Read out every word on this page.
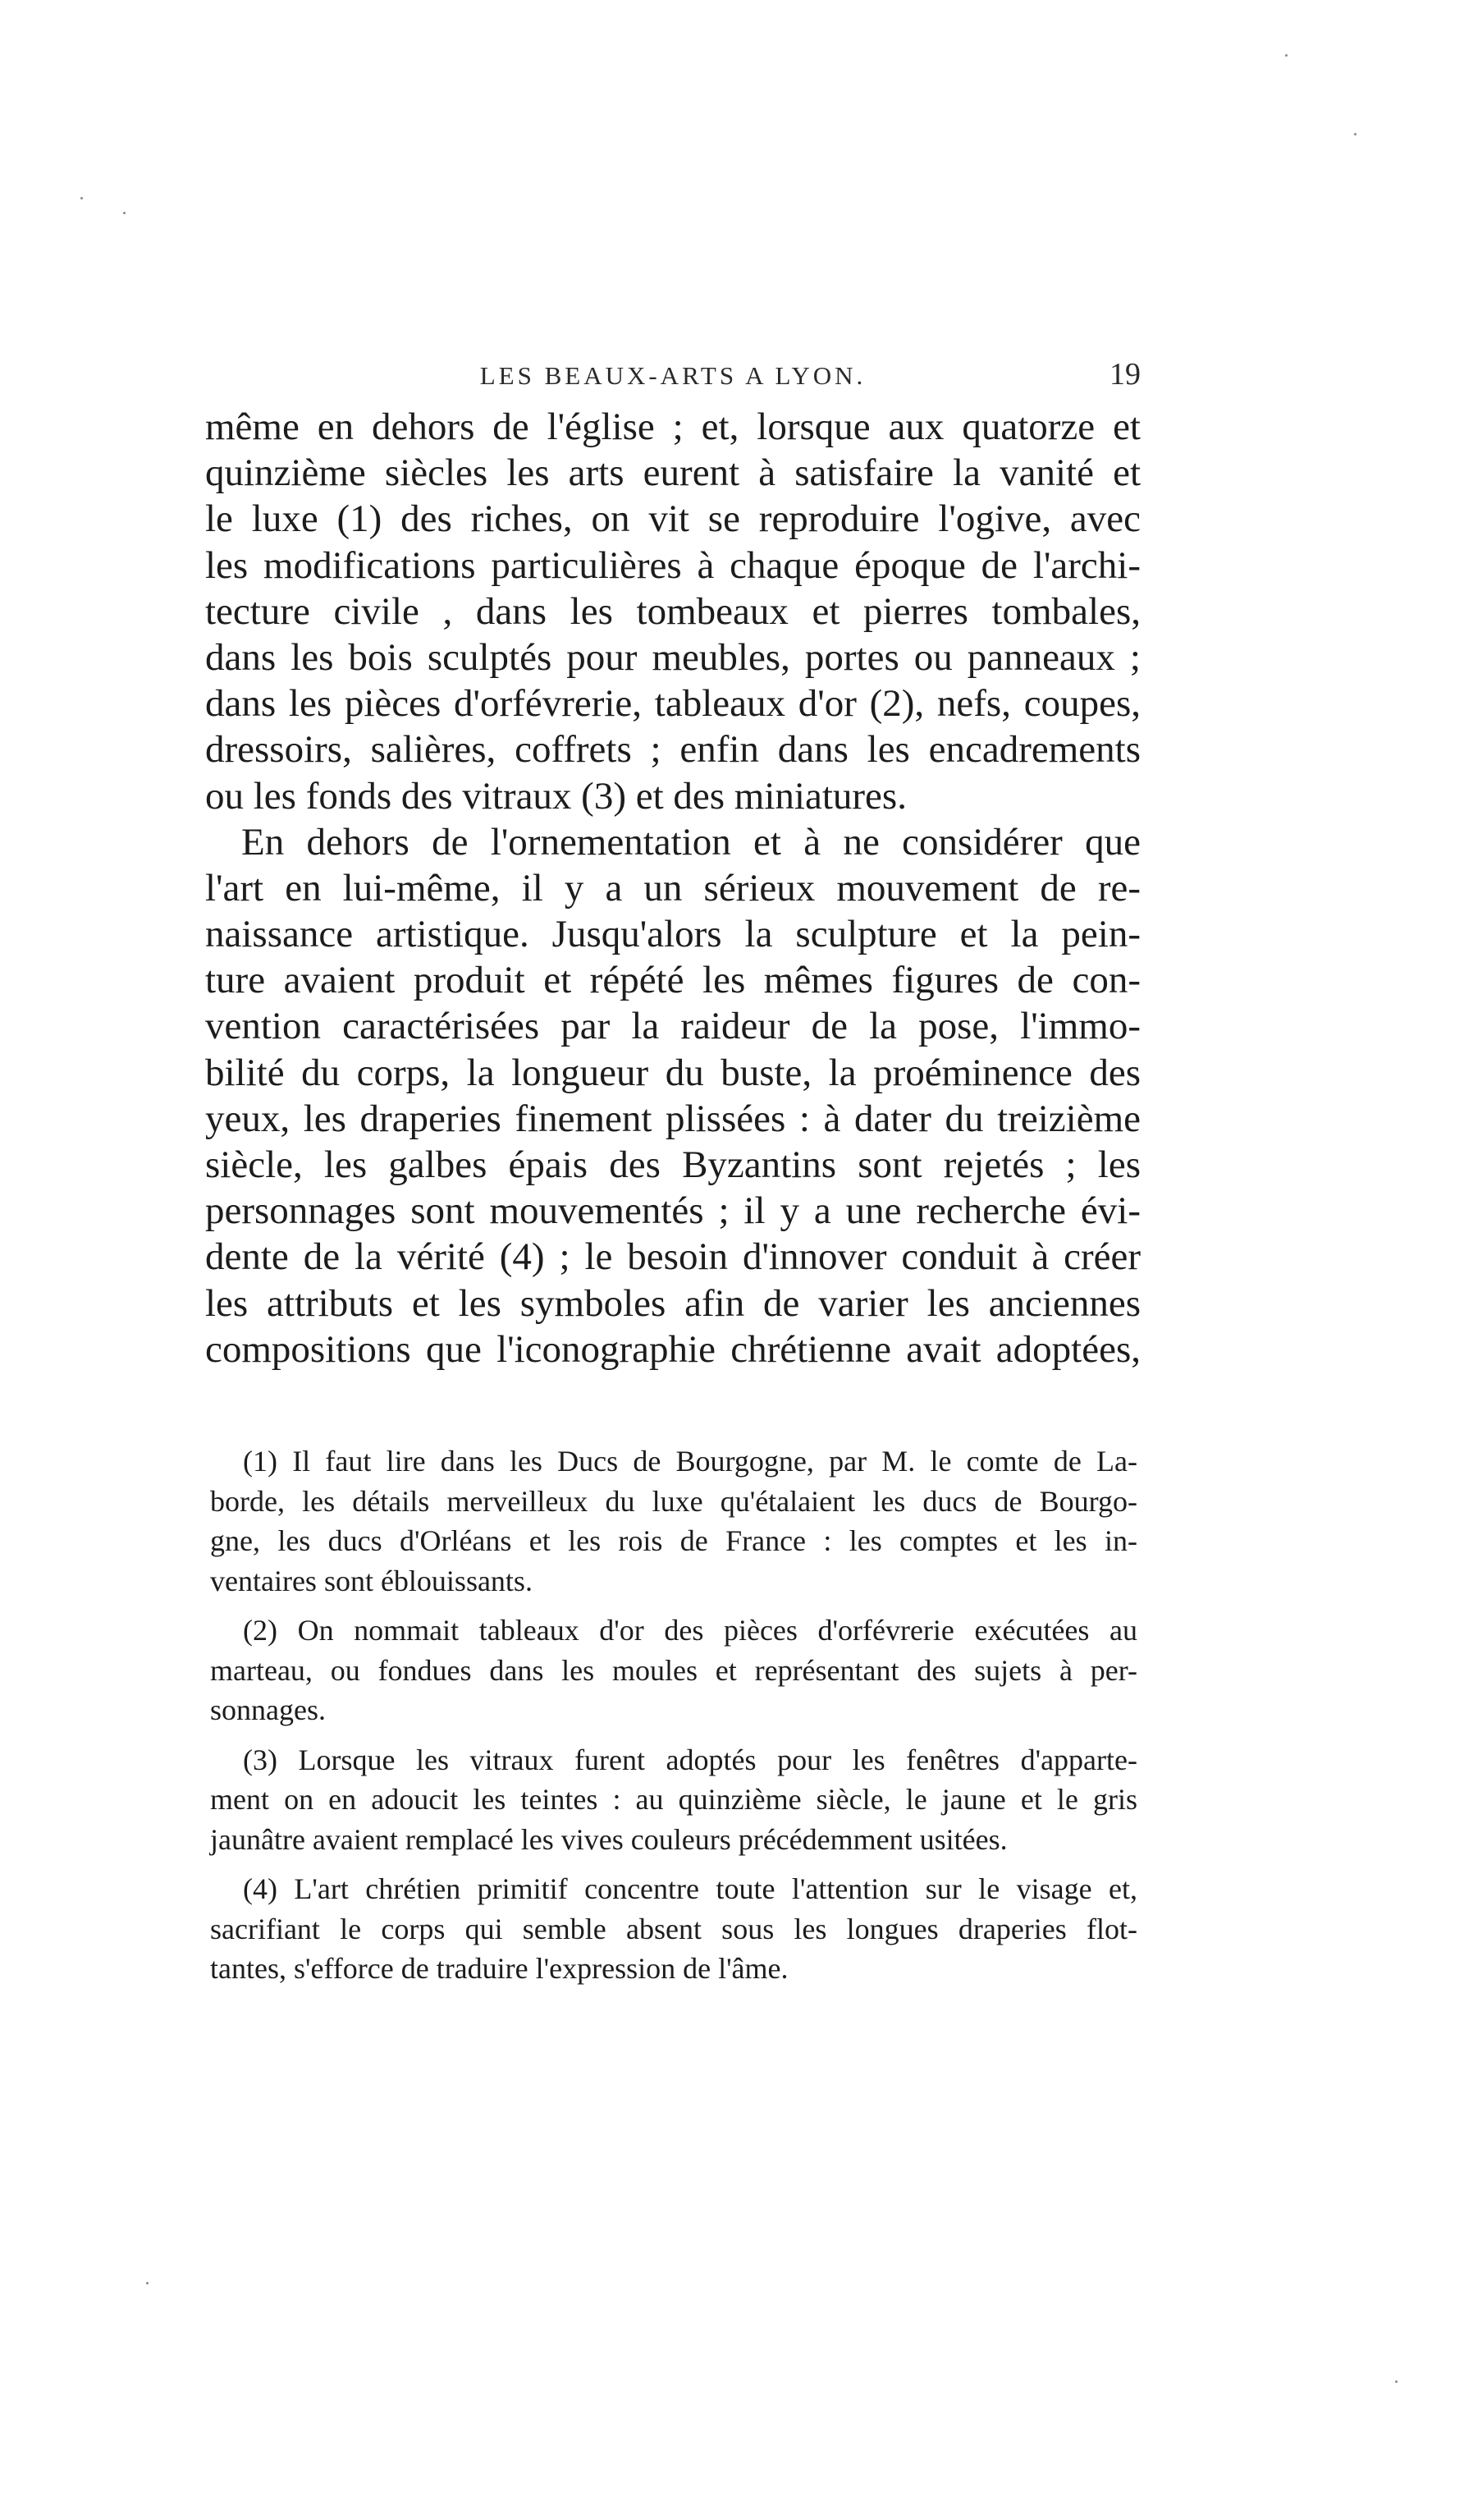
LES BEAUX-ARTS A LYON.	19
même en dehors de l'église ; et, lorsque aux quatorze et
quinzième siècles les arts eurent à satisfaire la vanité et
le luxe (1) des riches, on vit se reproduire l'ogive, avec
les modifications particulières à chaque époque de l'archi-
tecture civile , dans les tombeaux et pierres tombales,
dans les bois sculptés pour meubles, portes ou panneaux ;
dans les pièces d'orfévrerie, tableaux d'or (2), nefs, coupes,
dressoirs, salières, coffrets ; enfin dans les encadrements
ou les fonds des vitraux (3) et des miniatures.
En dehors de l'ornementation et à ne considérer que
l'art en lui-même, il y a un sérieux mouvement de re-
naissance artistique. Jusqu'alors la sculpture et la pein-
ture avaient produit et répété les mêmes figures de con-
vention caractérisées par la raideur de la pose, l'immo-
bilité du corps, la longueur du buste, la proéminence des
yeux, les draperies finement plissées : à dater du treizième
siècle, les galbes épais des Byzantins sont rejetés ; les
personnages sont mouvementés ; il y a une recherche évi-
dente de la vérité (4) ; le besoin d'innover conduit à créer
les attributs et les symboles afin de varier les anciennes
compositions que l'iconographie chrétienne avait adoptées,
(1) Il faut lire dans les Ducs de Bourgogne, par M. le comte de La-
borde, les détails merveilleux du luxe qu'étalaient les ducs de Bourgo-
gne, les ducs d'Orléans et les rois de France : les comptes et les in-
ventaires sont éblouissants.
(2) On nommait tableaux d'or des pièces d'orfévrerie exécutées au
marteau, ou fondues dans les moules et représentant des sujets à per-
sonnages.
(3) Lorsque les vitraux furent adoptés pour les fenêtres d'apparte-
ment on en adoucit les teintes : au quinzième siècle, le jaune et le gris
jaunâtre avaient remplacé les vives couleurs précédemment usitées.
(4) L'art chrétien primitif concentre toute l'attention sur le visage et,
sacrifiant le corps qui semble absent sous les longues draperies flot-
tantes, s'efforce de traduire l'expression de l'âme.
